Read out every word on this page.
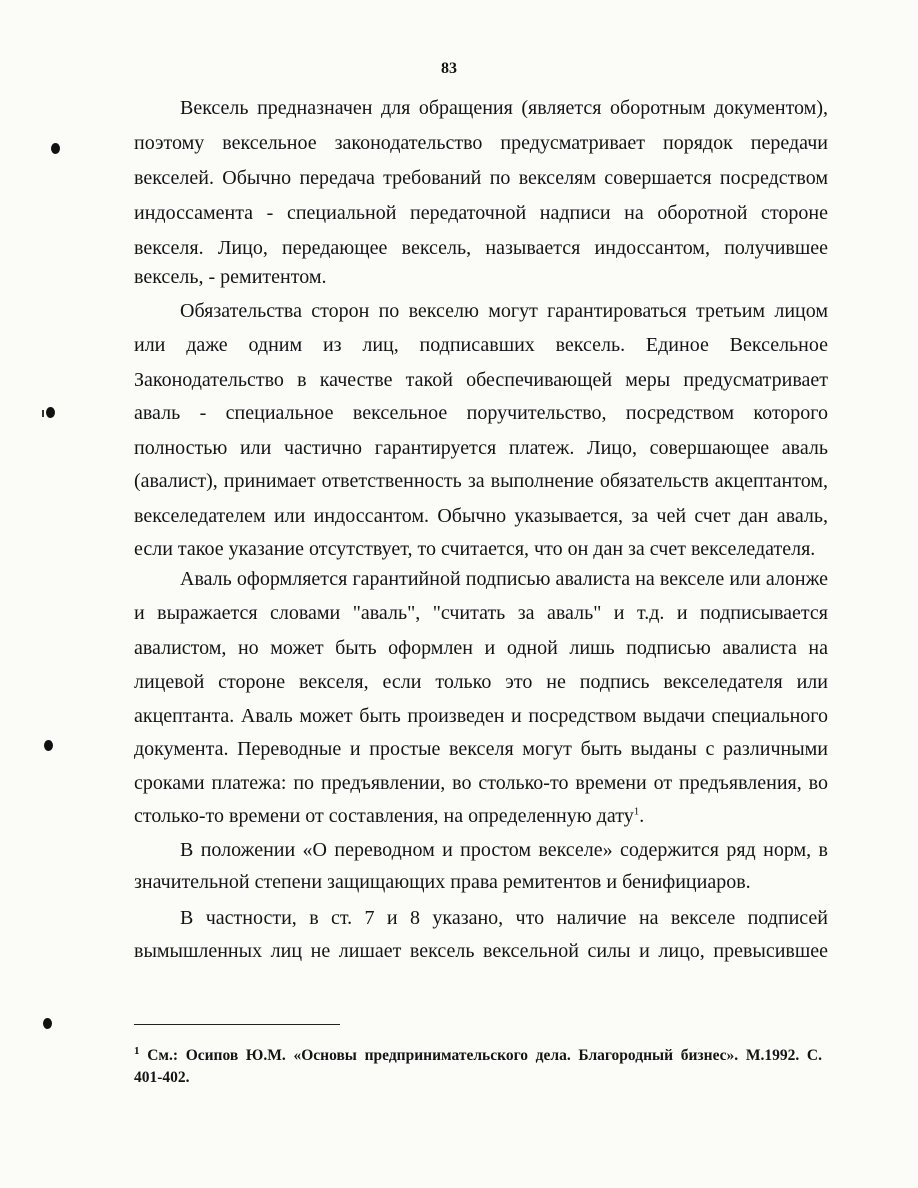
83
Вексель предназначен для обращения (является оборотным документом),
поэтому вексельное законодательство предусматривает порядок передачи
векселей. Обычно передача требований по векселям совершается посредством
индоссамента - специальной передаточной надписи на оборотной стороне
векселя. Лицо, передающее вексель, называется индоссантом, получившее
вексель, - ремитентом.
Обязательства сторон по векселю могут гарантироваться третьим лицом
или даже одним из лиц, подписавших вексель. Единое Вексельное
Законодательство в качестве такой обеспечивающей меры предусматривает
аваль - специальное вексельное поручительство, посредством которого
полностью или частично гарантируется платеж. Лицо, совершающее аваль
(авалист), принимает ответственность за выполнение обязательств акцептантом,
векселедателем или индоссантом. Обычно указывается, за чей счет дан аваль,
если такое указание отсутствует, то считается, что он дан за счет векселедателя.
Аваль оформляется гарантийной подписью авалиста на векселе или алонже
и выражается словами "аваль", "считать за аваль" и т.д. и подписывается
авалистом, но может быть оформлен и одной лишь подписью авалиста на
лицевой стороне векселя, если только это не подпись векселедателя или
акцептанта. Аваль может быть произведен и посредством выдачи специального
документа. Переводные и простые векселя могут быть выданы с различными
сроками платежа: по предъявлении, во столько-то времени от предъявления, во
столько-то времени от составления, на определенную дату$^1$.
В положении «О переводном и простом векселе» содержится ряд норм, в
значительной степени защищающих права ремитентов и бенифициаров.
В частности, в ст. 7 и 8 указано, что наличие на векселе подписей
вымышленных лиц не лишает вексель вексельной силы и лицо, превысившее
$^1$ См.: Осипов Ю.М. «Основы предпринимательского дела. Благородный бизнес». М.1992. С.
401-402.
